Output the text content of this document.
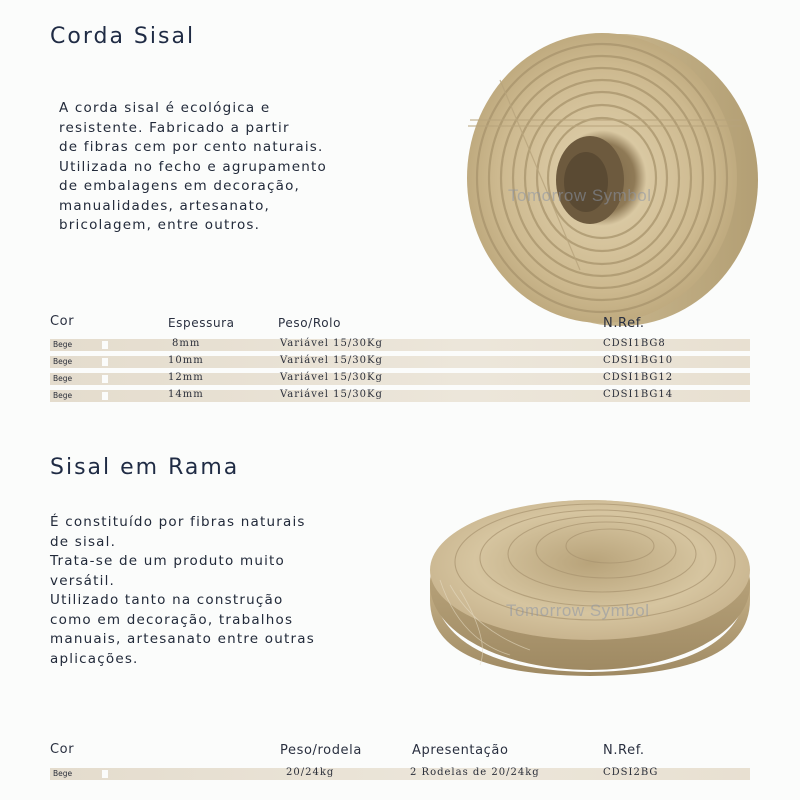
Corda Sisal

A corda sisal é ecológica e

resistente. Fabricado a partir

de fibras cem por cento naturais.

Utilizada no fecho e agrupamento

de embalagens em decoração,

manualidades, artesanato,

bricolagem, entre outros.

Tomorrow Symbol
Cor	Espessura	Peso/Rolo	N.Ref.
Bege	8mm	Variável 15/30Kg	CDSI1BG8
Bege	10mm	Variável 15/30Kg	CDSI1BG10
Bege	12mm	Variável 15/30Kg	CDSI1BG12
Bege	14mm	Variável 15/30Kg	CDSI1BG14
Sisal em Rama

É constituído por fibras naturais

de sisal.

Trata-se de um produto muito

versátil.

Utilizado tanto na construção

como em decoração, trabalhos

manuais, artesanato entre outras

aplicações.

Tomorrow Symbol
Cor	Peso/rodela	Apresentação	N.Ref.
Bege	20/24kg	2 Rodelas de 20/24kg	CDSI2BG
